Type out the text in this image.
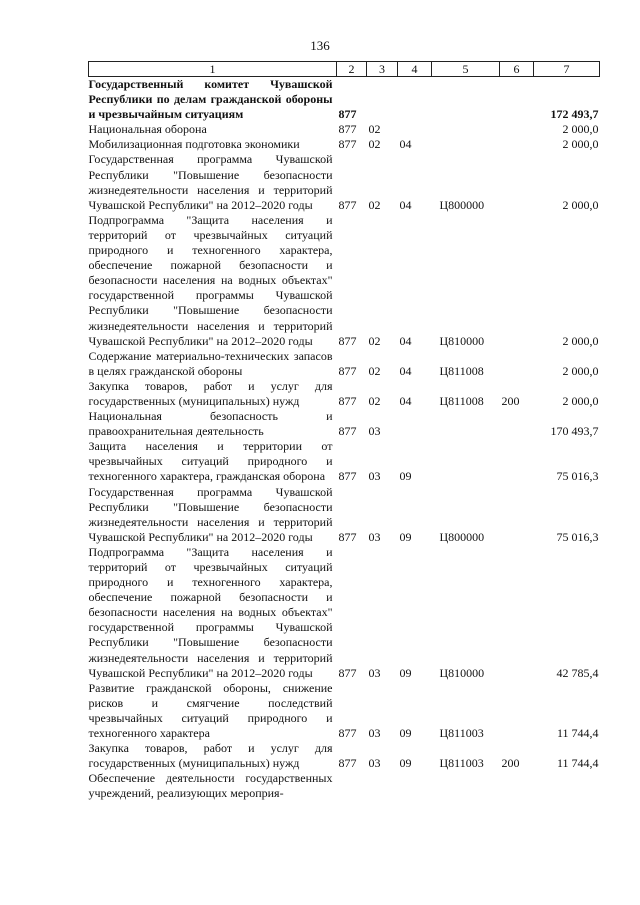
136
1	2	3	4	5	6	7
Государственный комитет Чувашской Республики по делам гражданской обороны и чрезвычайным ситуациям	877					172 493,7
Национальная оборона	877	02				2 000,0
Мобилизационная подготовка экономики	877	02	04			2 000,0
Государственная программа Чувашской Республики "Повышение безопасности жизнедеятельности населения и территорий Чувашской Республики" на 2012–2020 годы	877	02	04	Ц800000		2 000,0
Подпрограмма "Защита населения и территорий от чрезвычайных ситуаций природного и техногенного характера, обеспечение пожарной безопасности и безопасности населения на водных объектах" государственной программы Чувашской Республики "Повышение безопасности жизнедеятельности населения и территорий Чувашской Республики" на 2012–2020 годы	877	02	04	Ц810000		2 000,0
Содержание материально-технических запасов в целях гражданской обороны	877	02	04	Ц811008		2 000,0
Закупка товаров, работ и услуг для государственных (муниципальных) нужд	877	02	04	Ц811008	200	2 000,0
Национальная безопасность и правоохранительная деятельность	877	03				170 493,7
Защита населения и территории от чрезвычайных ситуаций природного и техногенного характера, гражданская оборона	877	03	09			75 016,3
Государственная программа Чувашской Республики "Повышение безопасности жизнедеятельности населения и территорий Чувашской Республики" на 2012–2020 годы	877	03	09	Ц800000		75 016,3
Подпрограмма "Защита населения и территорий от чрезвычайных ситуаций природного и техногенного характера, обеспечение пожарной безопасности и безопасности населения на водных объектах" государственной программы Чувашской Республики "Повышение безопасности жизнедеятельности населения и территорий Чувашской Республики" на 2012–2020 годы	877	03	09	Ц810000		42 785,4
Развитие гражданской обороны, снижение рисков и смягчение последствий чрезвычайных ситуаций природного и техногенного характера	877	03	09	Ц811003		11 744,4
Закупка товаров, работ и услуг для государственных (муниципальных) нужд	877	03	09	Ц811003	200	11 744,4
Обеспечение деятельности государственных учреждений, реализующих мероприя-						
